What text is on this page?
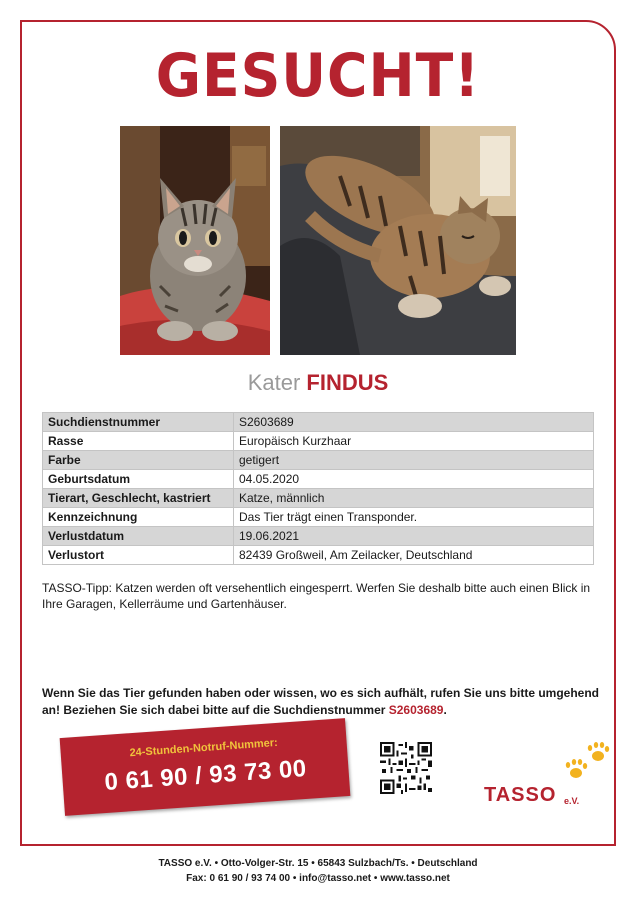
GESUCHT!
Kater FINDUS
Suchdienstnummer	S2603689
Rasse	Europäisch Kurzhaar
Farbe	getigert
Geburtsdatum	04.05.2020
Tierart, Geschlecht, kastriert	Katze, männlich
Kennzeichnung	Das Tier trägt einen Transponder.
Verlustdatum	19.06.2021
Verlustort	82439 Großweil, Am Zeilacker, Deutschland
TASSO-Tipp: Katzen werden oft versehentlich eingesperrt. Werfen Sie deshalb bitte auch einen Blick in Ihre Garagen, Kellerräume und Gartenhäuser.
Wenn Sie das Tier gefunden haben oder wissen, wo es sich aufhält, rufen Sie uns bitte umgehend an! Beziehen Sie sich dabei bitte auf die Suchdienstnummer S2603689.
24-Stunden-Notruf-Nummer:
0 61 90 / 93 73 00	TASSO e.V.
TASSO e.V. • Otto-Volger-Str. 15 • 65843 Sulzbach/Ts. • Deutschland
Fax: 0 61 90 / 93 74 00 • info@tasso.net • www.tasso.net
